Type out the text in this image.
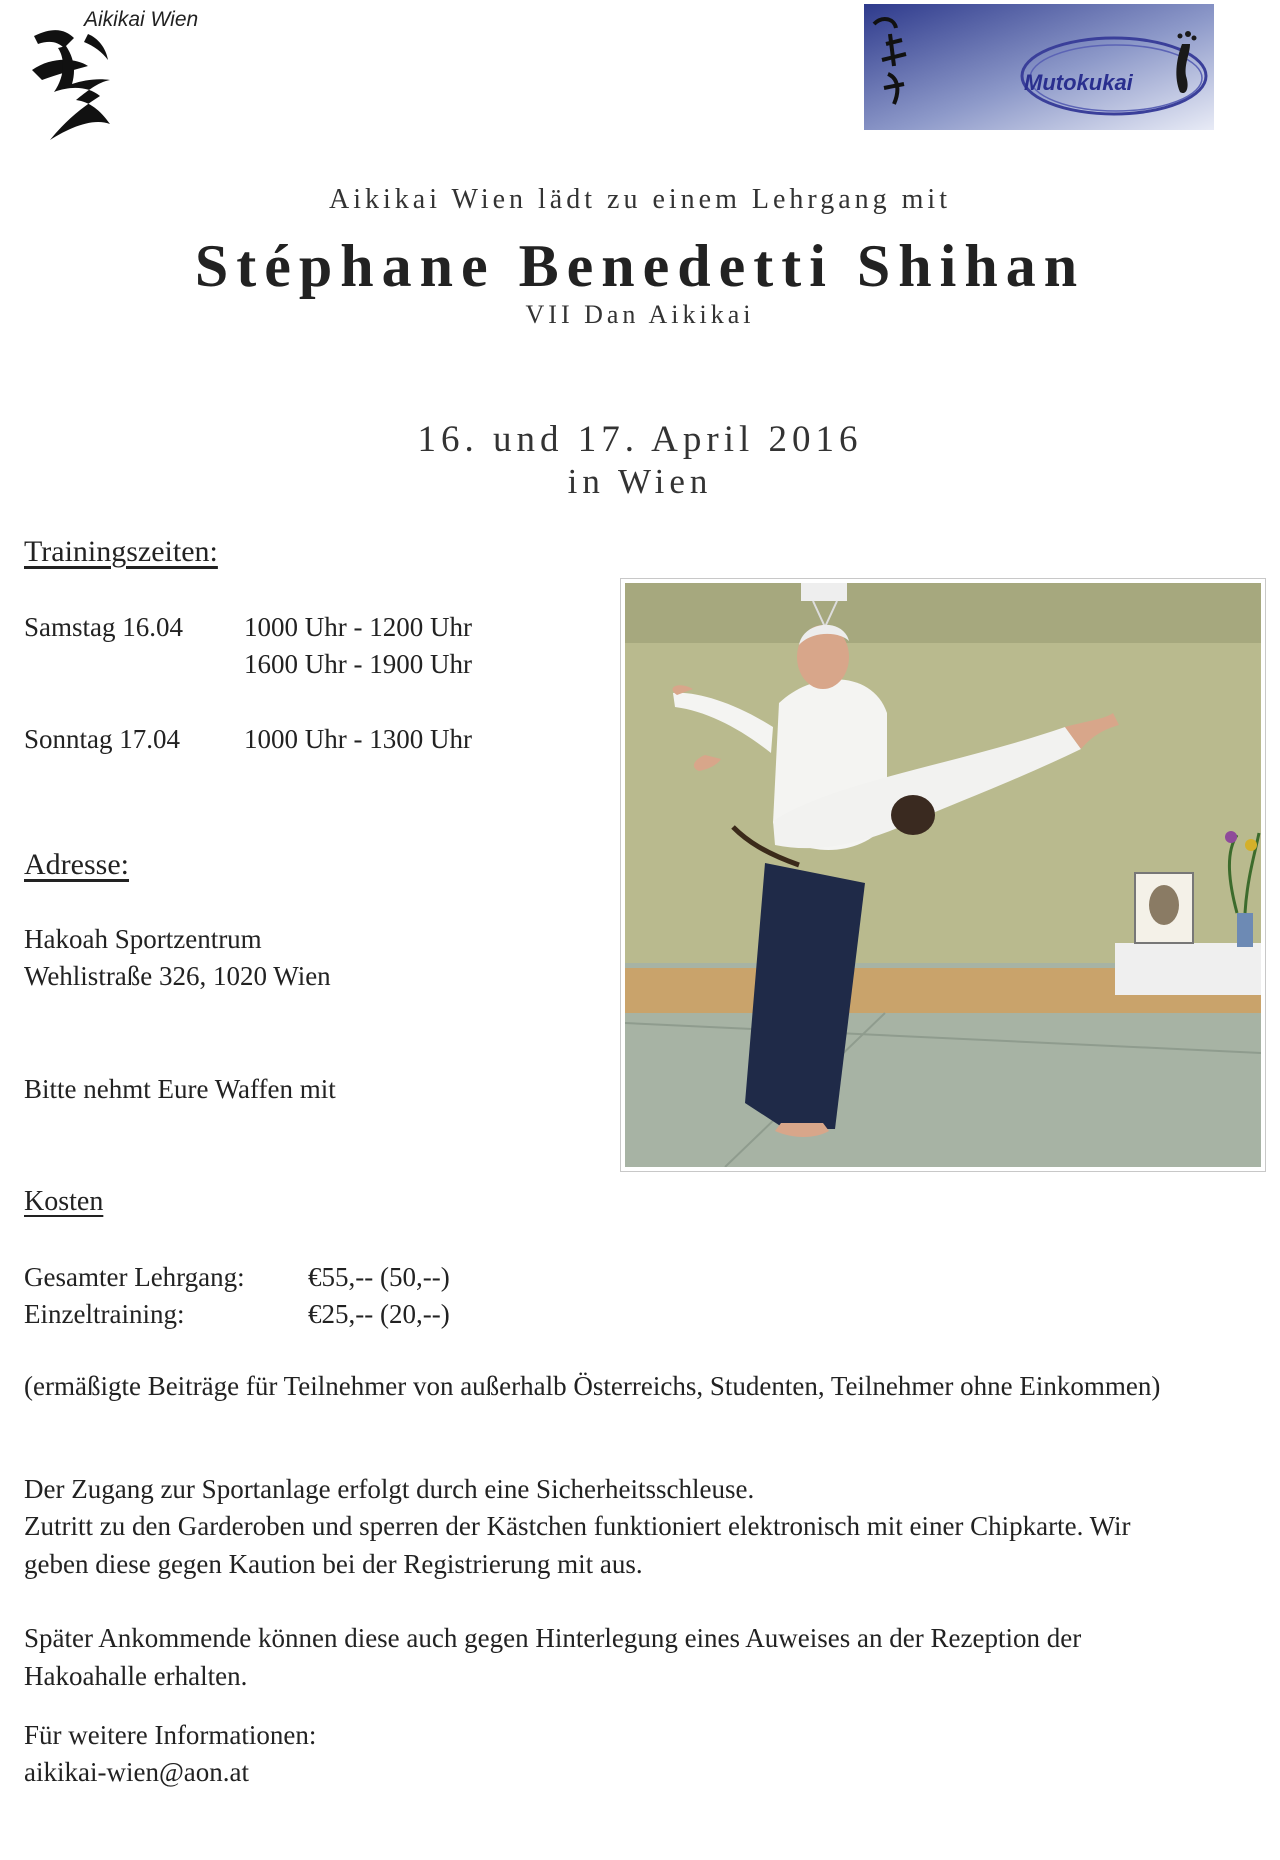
Aikikai Wien
Mutokukai
Aikikai Wien lädt zu einem Lehrgang mit
Stéphane Benedetti Shihan
VII Dan Aikikai
16. und 17. April 2016
in Wien
Trainingszeiten:
Samstag 16.04 1000 Uhr - 1200 Uhr
1600 Uhr - 1900 Uhr
Sonntag 17.04 1000 Uhr - 1300 Uhr
Adresse:
Hakoah Sportzentrum
Wehlistraße 326, 1020 Wien
Bitte nehmt Eure Waffen mit
Kosten
Gesamter Lehrgang: €55,-- (50,--)
Einzeltraining:	€25,-- (20,--)
(ermäßigte Beiträge für Teilnehmer von außerhalb Österreichs, Studenten, Teilnehmer ohne Einkommen)
Der Zugang zur Sportanlage erfolgt durch eine Sicherheitsschleuse.
Zutritt zu den Garderoben und sperren der Kästchen funktioniert elektronisch mit einer Chipkarte. Wir geben diese gegen Kaution bei der Registrierung mit aus.
Später Ankommende können diese auch gegen Hinterlegung eines Auweises an der Rezeption der Hakoahalle erhalten.
Für weitere Informationen:
aikikai-wien@aon.at
